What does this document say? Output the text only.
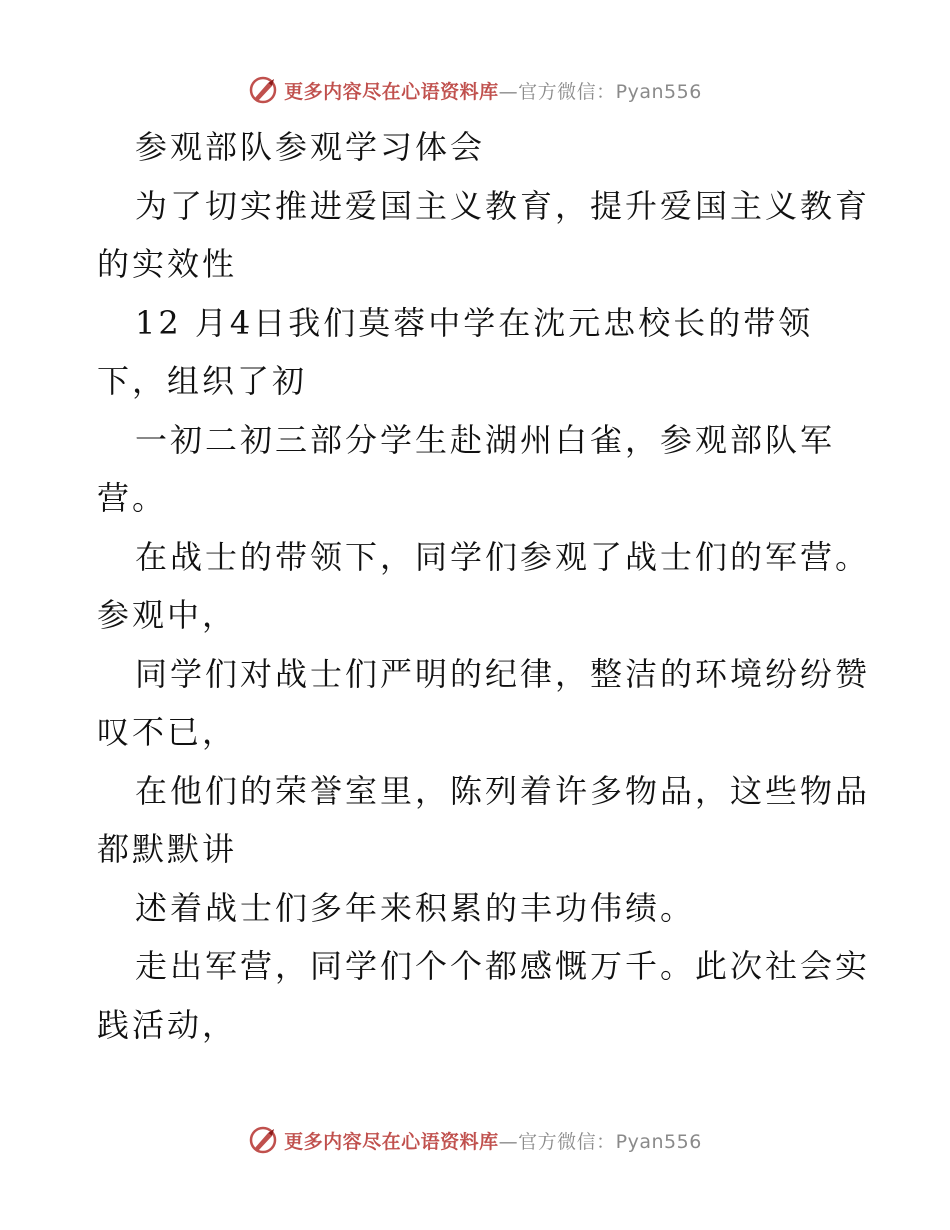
更多内容尽在心语资料库—官方微信：Pyan556
参观部队参观学习体会
为了切实推进爱国主义教育，提升爱国主义教育
的实效性
12 月4日我们莫蓉中学在沈元忠校长的带领
下，组织了初
一初二初三部分学生赴湖州白雀，参观部队军
营。
在战士的带领下，同学们参观了战士们的军营。
参观中，
同学们对战士们严明的纪律，整洁的环境纷纷赞
叹不已，
在他们的荣誉室里，陈列着许多物品，这些物品
都默默讲
述着战士们多年来积累的丰功伟绩。
走出军营，同学们个个都感慨万千。此次社会实
践活动，
更多内容尽在心语资料库—官方微信：Pyan556
